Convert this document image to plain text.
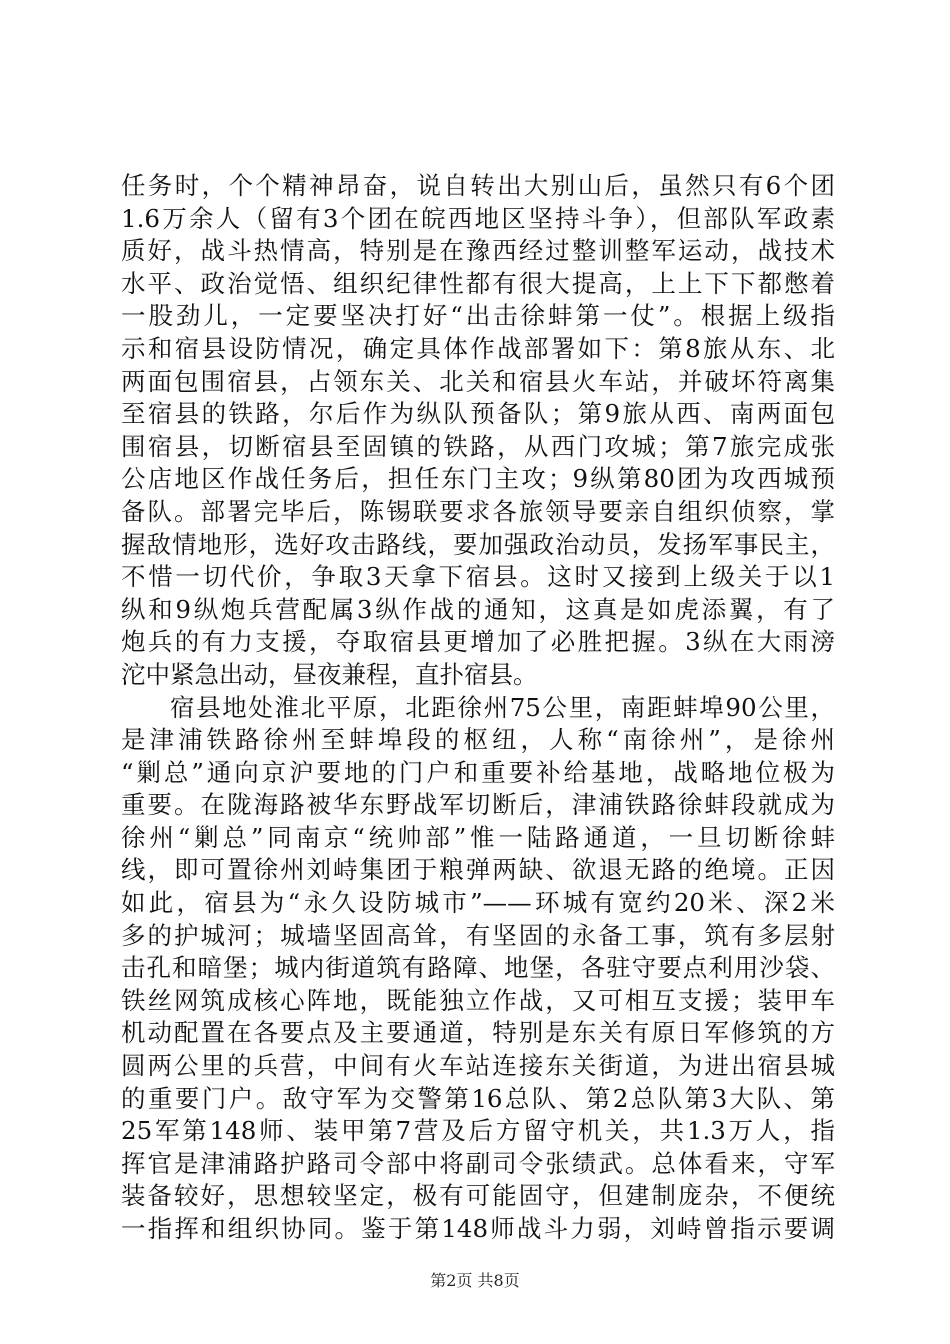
任务时，个个精神昂奋，说自转出大别山后，虽然只有6个团
1.6万余人（留有3个团在皖西地区坚持斗争），但部队军政素
质好，战斗热情高，特别是在豫西经过整训整军运动，战技术
水平、政治觉悟、组织纪律性都有很大提高，上上下下都憋着
一股劲儿，一定要坚决打好“出击徐蚌第一仗”。根据上级指
示和宿县设防情况，确定具体作战部署如下：第8旅从东、北
两面包围宿县，占领东关、北关和宿县火车站，并破坏符离集
至宿县的铁路，尔后作为纵队预备队；第9旅从西、南两面包
围宿县，切断宿县至固镇的铁路，从西门攻城；第7旅完成张
公店地区作战任务后，担任东门主攻；9纵第80团为攻西城预
备队。部署完毕后，陈锡联要求各旅领导要亲自组织侦察，掌
握敌情地形，选好攻击路线，要加强政治动员，发扬军事民主，
不惜一切代价，争取3天拿下宿县。这时又接到上级关于以1
纵和9纵炮兵营配属3纵作战的通知，这真是如虎添翼，有了
炮兵的有力支援，夺取宿县更增加了必胜把握。3纵在大雨滂
沱中紧急出动，昼夜兼程，直扑宿县。
宿县地处淮北平原，北距徐州75公里，南距蚌埠90公里，
是津浦铁路徐州至蚌埠段的枢纽，人称“南徐州”，是徐州
“剿总”通向京沪要地的门户和重要补给基地，战略地位极为
重要。在陇海路被华东野战军切断后，津浦铁路徐蚌段就成为
徐州“剿总”同南京“统帅部”惟一陆路通道，一旦切断徐蚌
线，即可置徐州刘峙集团于粮弹两缺、欲退无路的绝境。正因
如此，宿县为“永久设防城市”——环城有宽约20米、深2米
多的护城河；城墙坚固高耸，有坚固的永备工事，筑有多层射
击孔和暗堡；城内街道筑有路障、地堡，各驻守要点利用沙袋、
铁丝网筑成核心阵地，既能独立作战，又可相互支援；装甲车
机动配置在各要点及主要通道，特别是东关有原日军修筑的方
圆两公里的兵营，中间有火车站连接东关街道，为进出宿县城
的重要门户。敌守军为交警第16总队、第2总队第3大队、第
25军第148师、装甲第7营及后方留守机关，共1.3万人，指
挥官是津浦路护路司令部中将副司令张绩武。总体看来，守军
装备较好，思想较坚定，极有可能固守，但建制庞杂，不便统
一指挥和组织协同。鉴于第148师战斗力弱，刘峙曾指示要调
第2页 共8页
